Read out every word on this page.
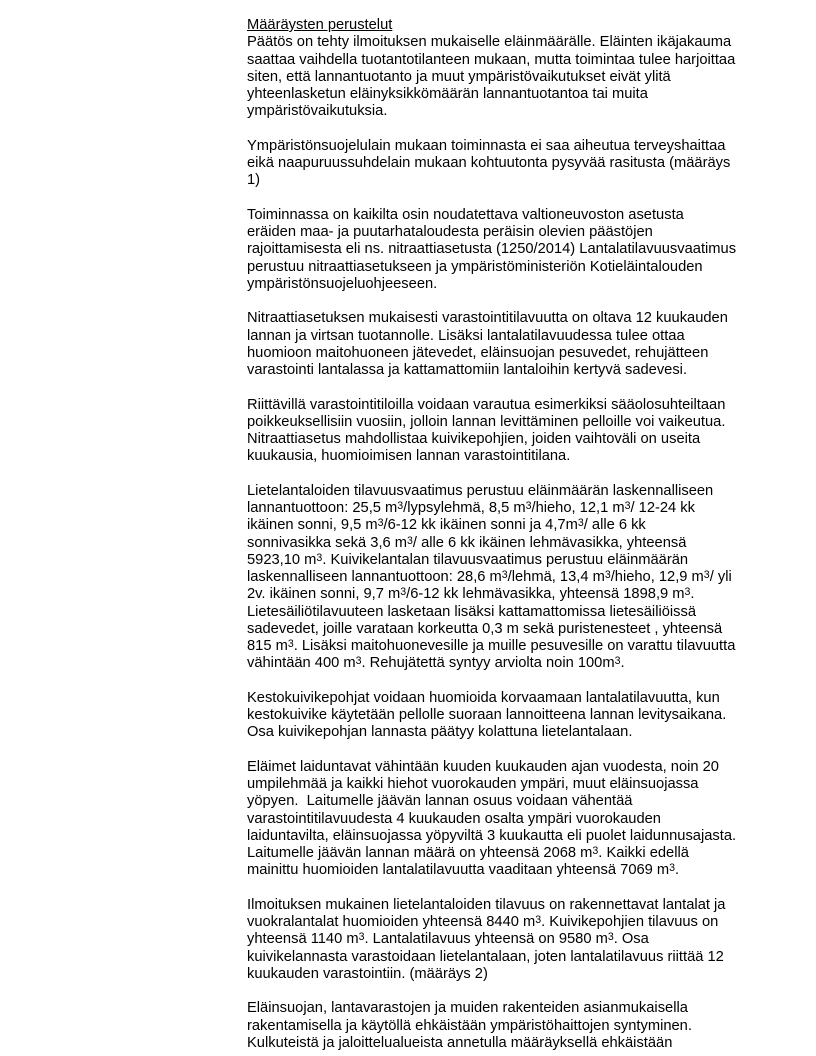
Määräysten perustelut
Päätös on tehty ilmoituksen mukaiselle eläinmäärälle. Eläinten ikäjakauma
saattaa vaihdella tuotantotilanteen mukaan, mutta toimintaa tulee harjoittaa
siten, että lannantuotanto ja muut ympäristövaikutukset eivät ylitä
yhteenlasketun eläinyksikkömäärän lannantuotantoa tai muita
ympäristövaikutuksia.
Ympäristönsuojelulain mukaan toiminnasta ei saa aiheutua terveyshaittaa
eikä naapuruussuhdelain mukaan kohtuutonta pysyvää rasitusta (määräys
1)
Toiminnassa on kaikilta osin noudatettava valtioneuvoston asetusta
eräiden maa- ja puutarhataloudesta peräisin olevien päästöjen
rajoittamisesta eli ns. nitraattiasetusta (1250/2014) Lantalatilavuusvaatimus
perustuu nitraattiasetukseen ja ympäristöministeriön Kotieläintalouden
ympäristönsuojeluohjeeseen.
Nitraattiasetuksen mukaisesti varastointitilavuutta on oltava 12 kuukauden
lannan ja virtsan tuotannolle. Lisäksi lantalatilavuudessa tulee ottaa
huomioon maitohuoneen jätevedet, eläinsuojan pesuvedet, rehujätteen
varastointi lantalassa ja kattamattomiin lantaloihin kertyvä sadevesi.
Riittävillä varastointitiloilla voidaan varautua esimerkiksi sääolosuhteiltaan
poikkeuksellisiin vuosiin, jolloin lannan levittäminen pelloille voi vaikeutua.
Nitraattiasetus mahdollistaa kuivikepohjien, joiden vaihtoväli on useita
kuukausia, huomioimisen lannan varastointitilana.
Lietelantaloiden tilavuusvaatimus perustuu eläinmäärän laskennalliseen
lannantuottoon: 25,5 $m^3$/lypsylehmä, 8,5 $m^3$/hieho, 12,1 $m^3/$ 12-24 kk
ikäinen sonni, 9,5 $m^3/6-12$ kk ikäinen sonni ja $4,7m^3/$ alle 6 kk
sonnivasikka sekä 3,6 $m^3/$ alle 6 kk ikäinen lehmävasikka, yhteensä
5923,10 $m^3$. Kuivikelantalan tilavuusvaatimus perustuu eläinmäärän
laskennalliseen lannantuottoon: 28,6 $m^3$/lehmä, 13,4 $m^3$/hieho, 12,9 $m^3/$ yli
2v. ikäinen sonni, 9,7 $m^3/6-12$ kk lehmävasikka, yhteensä 1898,9 $m^3$.
Lietesäiliötilavuuteen lasketaan lisäksi kattamattomissa lietesäiliöissä
sadevedet, joille varataan korkeutta 0,3 m sekä puristenesteet , yhteensä
815 $m^3$. Lisäksi maitohuonevesille ja muille pesuvesille on varattu tilavuutta
vähintään 400 $m^3$. Rehujätettä syntyy arviolta noin $100m^3$.
Kestokuivikepohjat voidaan huomioida korvaamaan lantalatilavuutta, kun
kestokuivike käytetään pellolle suoraan lannoitteena lannan levitysaikana.
Osa kuivikepohjan lannasta päätyy kolattuna lietelantalaan.
Eläimet laiduntavat vähintään kuuden kuukauden ajan vuodesta, noin 20
umpilehmää ja kaikki hiehot vuorokauden ympäri, muut eläinsuojassa
yöpyen.  Laitumelle jäävän lannan osuus voidaan vähentää
varastointitilavuudesta 4 kuukauden osalta ympäri vuorokauden
laiduntavilta, eläinsuojassa yöpyviltä 3 kuukautta eli puolet laidunnusajasta.
Laitumelle jäävän lannan määrä on yhteensä 2068 $m^3$. Kaikki edellä
mainittu huomioiden lantalatilavuutta vaaditaan yhteensä 7069 $m^3$.
Ilmoituksen mukainen lietelantaloiden tilavuus on rakennettavat lantalat ja
vuokralantalat huomioiden yhteensä 8440 $m^3$. Kuivikepohjien tilavuus on
yhteensä 1140 $m^3$. Lantalatilavuus yhteensä on 9580 $m^3$. Osa
kuivikelannasta varastoidaan lietelantalaan, joten lantalatilavuus riittää 12
kuukauden varastointiin. (määräys 2)
Eläinsuojan, lantavarastojen ja muiden rakenteiden asianmukaisella
rakentamisella ja käytöllä ehkäistään ympäristöhaittojen syntyminen.
Kulkuteistä ja jaloittelualueista annetulla määräyksellä ehkäistään
